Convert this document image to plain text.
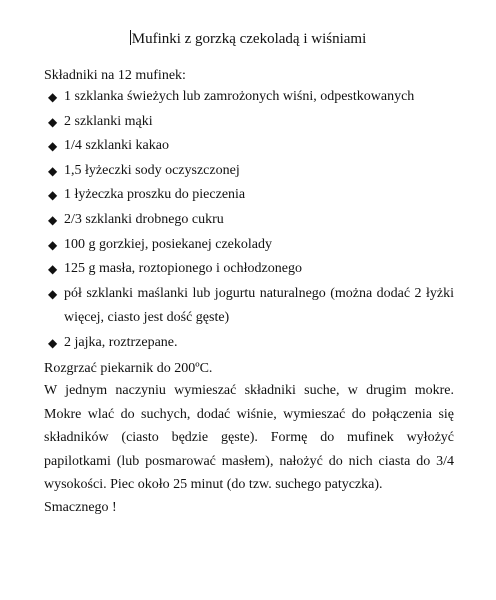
Mufinki z gorzką czekoladą i wiśniami

Składniki na 12 mufinek:

◆ 1 szklanka świeżych lub zamrożonych wiśni, odpestkowanych
◆ 2 szklanki mąki
◆ 1/4 szklanki kakao
◆ 1,5 łyżeczki sody oczyszczonej
◆ 1 łyżeczka proszku do pieczenia
◆ 2/3 szklanki drobnego cukru
◆ 100 g gorzkiej, posiekanej czekolady
◆ 125 g masła, roztopionego i ochłodzonego
◆ pół szklanki maślanki lub jogurtu naturalnego (można dodać 2 łyżki więcej, ciasto jest dość gęste)
◆ 2 jajka, roztrzepane.

Rozgrzać piekarnik do 200ºC.

W jednym naczyniu wymieszać składniki suche, w drugim mokre. Mokre wlać do suchych, dodać wiśnie, wymieszać do połączenia się składników (ciasto będzie gęste). Formę do mufinek wyłożyć papilotkami (lub posmarować masłem), nałożyć do nich ciasta do 3/4 wysokości. Piec około 25 minut (do tzw. suchego patyczka).

Smacznego !
